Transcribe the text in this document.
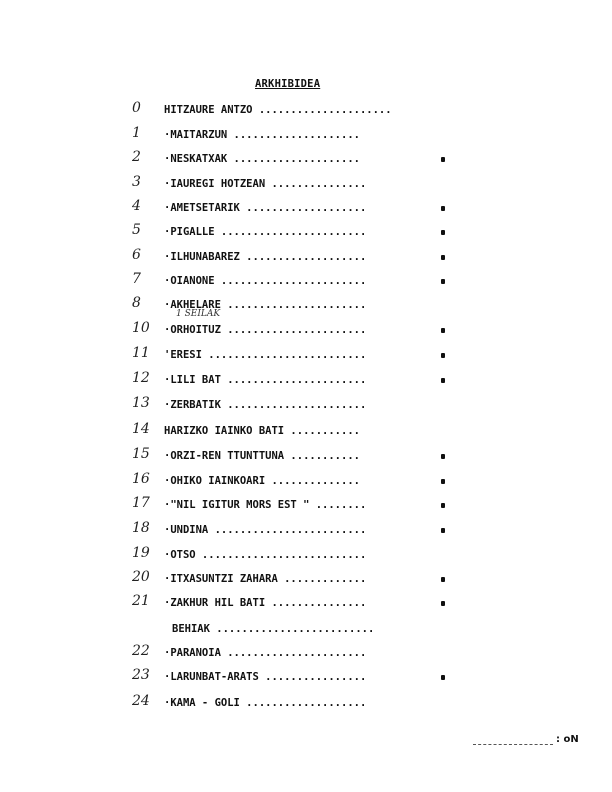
ARKHIBIDEA
0 HITZAURE ANTZO .....................
1 ·MAITARZUN ....................
2 ·NESKATXAK ....................
3 ·IAUREGI HOTZEAN ...............
4 ·AMETSETARIK ...................
5 ·PIGALLE .......................
6 ·ILHUNABAREZ ...................
7 ·OIANONE .......................
8 ·AKHELARE ......................
1 SEILAK
10 ·ORHOITUZ ......................
11 'ERESI .........................
12 ·LILI BAT ......................
13 ·ZERBATIK ......................
14 HARIZKO IAINKO BATI ...........
15 ·ORZI-REN TTUNTTUNA ...........
16 ·OHIKO IAINKOARI ..............
17 ·"NIL IGITUR MORS EST " ........
18 ·UNDINA ........................
19 ·OTSO ..........................
20 ·ITXASUNTZI ZAHARA .............
21 ·ZAKHUR HIL BATI ...............
BEHIAK .........................
22 ·PARANOIA ......................
23 ·LARUNBAT-ARATS ................
24 ·KAMA - GOLI ...................
: oN
